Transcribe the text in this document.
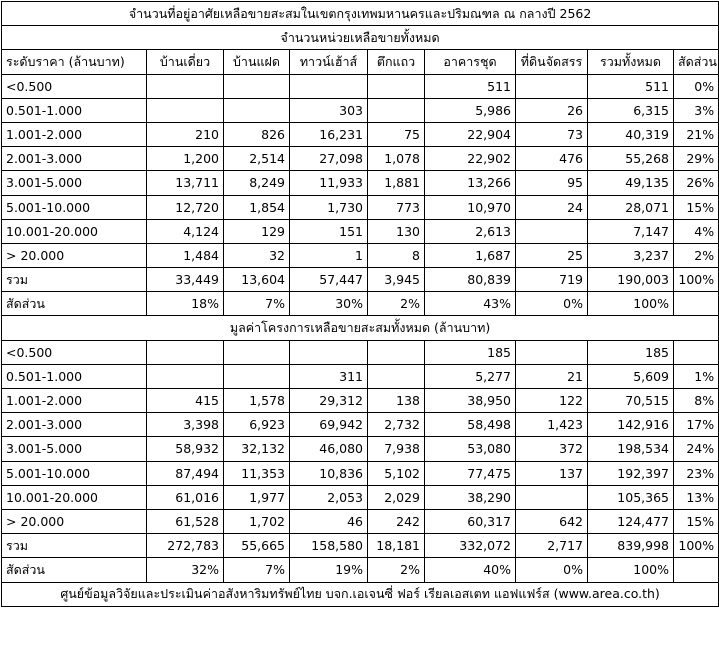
จำนวนที่อยู่อาศัยเหลือขายสะสมในเขตกรุงเทพมหานครและปริมณฑล ณ กลางปี 2562								
จำนวนหน่วยเหลือขายทั้งหมด								
ระดับราคา (ล้านบาท)	บ้านเดี่ยว	บ้านแฝด	ทาวน์เฮ้าส์	ตึกแถว	อาคารชุด	ที่ดินจัดสรร	รวมทั้งหมด	สัดส่วน
<0.500					511		511	0%
0.501-1.000			303		5,986	26	6,315	3%
1.001-2.000	210	826	16,231	75	22,904	73	40,319	21%
2.001-3.000	1,200	2,514	27,098	1,078	22,902	476	55,268	29%
3.001-5.000	13,711	8,249	11,933	1,881	13,266	95	49,135	26%
5.001-10.000	12,720	1,854	1,730	773	10,970	24	28,071	15%
10.001-20.000	4,124	129	151	130	2,613		7,147	4%
> 20.000	1,484	32	1	8	1,687	25	3,237	2%
รวม	33,449	13,604	57,447	3,945	80,839	719	190,003	100%
สัดส่วน	18%	7%	30%	2%	43%	0%	100%	
มูลค่าโครงการเหลือขายสะสมทั้งหมด (ล้านบาท)								
<0.500					185		185	
0.501-1.000			311		5,277	21	5,609	1%
1.001-2.000	415	1,578	29,312	138	38,950	122	70,515	8%
2.001-3.000	3,398	6,923	69,942	2,732	58,498	1,423	142,916	17%
3.001-5.000	58,932	32,132	46,080	7,938	53,080	372	198,534	24%
5.001-10.000	87,494	11,353	10,836	5,102	77,475	137	192,397	23%
10.001-20.000	61,016	1,977	2,053	2,029	38,290		105,365	13%
> 20.000	61,528	1,702	46	242	60,317	642	124,477	15%
รวม	272,783	55,665	158,580	18,181	332,072	2,717	839,998	100%
สัดส่วน	32%	7%	19%	2%	40%	0%	100%	
ศูนย์ข้อมูลวิจัยและประเมินค่าอสังหาริมทรัพย์ไทย บจก.เอเจนซี่ ฟอร์ เรียลเอสเตท แอฟแฟร์ส (www.area.co.th)								
